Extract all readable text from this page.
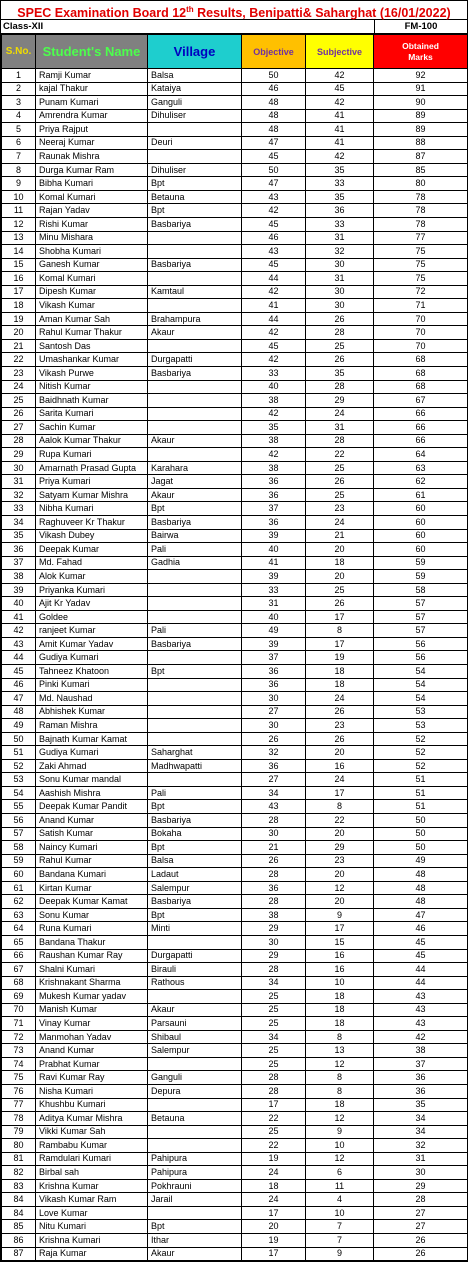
SPEC Examination Board 12th Results, Benipatti& Saharghat (16/01/2022)
Class-XII	FM-100
S.No.	Student's Name	Village	Objective	Subjective	Obtained
Marks
1	Ramji Kumar	Balsa	50	42	92
2	kajal Thakur	Kataiya	46	45	91
3	Punam Kumari	Ganguli	48	42	90
4	Amrendra Kumar	Dihuliser	48	41	89
5	Priya Rajput		48	41	89
6	Neeraj Kumar	Deuri	47	41	88
7	Raunak Mishra		45	42	87
8	Durga Kumar Ram	Dihuliser	50	35	85
9	Bibha Kumari	Bpt	47	33	80
10	Komal Kumari	Betauna	43	35	78
11	Rajan Yadav	Bpt	42	36	78
12	Rishi Kumar	Basbariya	45	33	78
13	Minu Mishara		46	31	77
14	Shobha Kumari		43	32	75
15	Ganesh Kumar	Basbariya	45	30	75
16	Komal Kumari		44	31	75
17	Dipesh Kumar	Kamtaul	42	30	72
18	Vikash Kumar		41	30	71
19	Aman Kumar Sah	Brahampura	44	26	70
20	Rahul Kumar Thakur	Akaur	42	28	70
21	Santosh Das		45	25	70
22	Umashankar Kumar	Durgapatti	42	26	68
23	Vikash Purwe	Basbariya	33	35	68
24	Nitish Kumar		40	28	68
25	Baidhnath Kumar		38	29	67
26	Sarita Kumari		42	24	66
27	Sachin Kumar		35	31	66
28	Aalok Kumar Thakur	Akaur	38	28	66
29	Rupa Kumari		42	22	64
30	Amarnath Prasad Gupta	Karahara	38	25	63
31	Priya Kumari	Jagat	36	26	62
32	Satyam Kumar Mishra	Akaur	36	25	61
33	Nibha Kumari	Bpt	37	23	60
34	Raghuveer Kr Thakur	Basbariya	36	24	60
35	Vikash Dubey	Bairwa	39	21	60
36	Deepak Kumar	Pali	40	20	60
37	Md. Fahad	Gadhia	41	18	59
38	Alok Kumar		39	20	59
39	Priyanka Kumari		33	25	58
40	Ajit Kr Yadav		31	26	57
41	Goldee		40	17	57
42	ranjeet Kumar	Pali	49	8	57
43	Amit Kumar Yadav	Basbariya	39	17	56
44	Gudiya Kumari		37	19	56
45	Tahneez Khatoon	Bpt	36	18	54
46	Pinki Kumari		36	18	54
47	Md. Naushad		30	24	54
48	Abhishek Kumar		27	26	53
49	Raman Mishra		30	23	53
50	Bajnath Kumar Kamat		26	26	52
51	Gudiya Kumari	Saharghat	32	20	52
52	Zaki Ahmad	Madhwapatti	36	16	52
53	Sonu Kumar mandal		27	24	51
54	Aashish Mishra	Pali	34	17	51
55	Deepak Kumar Pandit	Bpt	43	8	51
56	Anand Kumar	Basbariya	28	22	50
57	Satish Kumar	Bokaha	30	20	50
58	Naincy Kumari	Bpt	21	29	50
59	Rahul Kumar	Balsa	26	23	49
60	Bandana Kumari	Ladaut	28	20	48
61	Kirtan Kumar	Salempur	36	12	48
62	Deepak Kumar Kamat	Basbariya	28	20	48
63	Sonu Kumar	Bpt	38	9	47
64	Runa Kumari	Minti	29	17	46
65	Bandana Thakur		30	15	45
66	Raushan Kumar Ray	Durgapatti	29	16	45
67	Shalni Kumari	Birauli	28	16	44
68	Krishnakant Sharma	Rathous	34	10	44
69	Mukesh Kumar yadav		25	18	43
70	Manish Kumar	Akaur	25	18	43
71	Vinay Kumar	Parsauni	25	18	43
72	Manmohan Yadav	Shibaul	34	8	42
73	Anand Kumar	Salempur	25	13	38
74	Prabhat Kumar		25	12	37
75	Ravi Kumar Ray	Ganguli	28	8	36
76	Nisha Kumari	Depura	28	8	36
77	Khushbu Kumari		17	18	35
78	Aditya Kumar Mishra	Betauna	22	12	34
79	Vikki Kumar Sah		25	9	34
80	Rambabu Kumar		22	10	32
81	Ramdulari Kumari	Pahipura	19	12	31
82	Birbal sah	Pahipura	24	6	30
83	Krishna Kumar	Pokhrauni	18	11	29
84	Vikash Kumar Ram	Jarail	24	4	28
84	Love Kumar		17	10	27
85	Nitu Kumari	Bpt	20	7	27
86	Krishna Kumari	Ithar	19	7	26
87	Raja Kumar	Akaur	17	9	26
